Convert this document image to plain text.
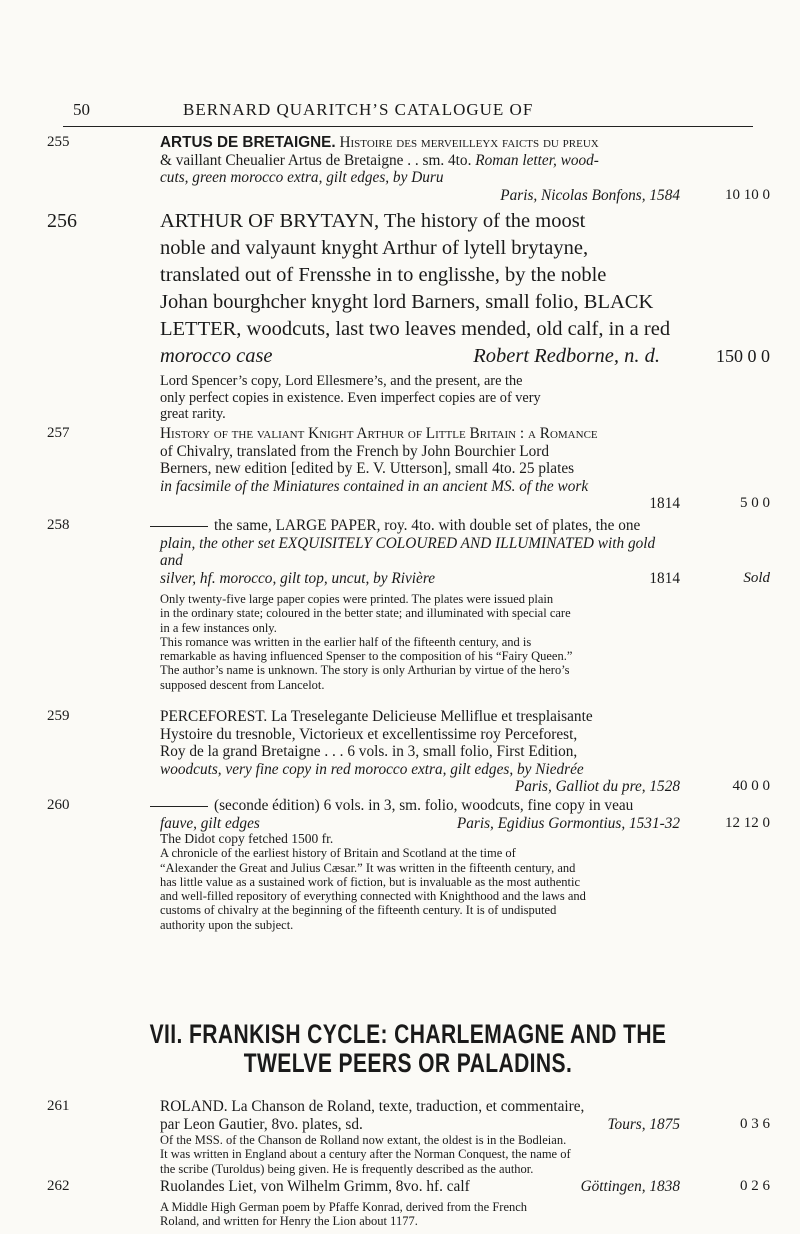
50	BERNARD QUARITCH’S CATALOGUE OF
255	ARTUS DE BRETAIGNE. Histoire des merveilleyx faicts du preux
& vaillant Cheualier Artus de Bretaigne . . sm. 4to. Roman letter, wood-
cuts, green morocco extra, gilt edges, by Duru
Paris, Nicolas Bonfons, 1584	10 10 0
256	ARTHUR OF BRYTAYN, The history of the moost
noble and valyaunt knyght Arthur of lytell brytayne,
translated out of Frensshe in to englisshe, by the noble
Johan bourghcher knyght lord Barners, small folio, BLACK
LETTER, woodcuts, last two leaves mended, old calf, in a red
morocco case	Robert Redborne, n. d.	150 0 0
Lord Spencer’s copy, Lord Ellesmere’s, and the present, are the
only perfect copies in existence. Even imperfect copies are of very
great rarity.
257	History of the valiant Knight Arthur of Little Britain : a Romance
of Chivalry, translated from the French by John Bourchier Lord
Berners, new edition [edited by E. V. Utterson], small 4to. 25 plates
in facsimile of the Miniatures contained in an ancient MS. of the work
1814	5 0 0
258	the same, LARGE PAPER, roy. 4to. with double set of plates, the one
plain, the other set EXQUISITELY COLOURED AND ILLUMINATED with gold and
silver, hf. morocco, gilt top, uncut, by Rivière	1814	Sold
Only twenty-five large paper copies were printed. The plates were issued plain
in the ordinary state; coloured in the better state; and illuminated with special care
in a few instances only.
This romance was written in the earlier half of the fifteenth century, and is
remarkable as having influenced Spenser to the composition of his “Fairy Queen.”
The author’s name is unknown. The story is only Arthurian by virtue of the hero’s
supposed descent from Lancelot.
259	PERCEFOREST. La Treselegante Delicieuse Melliflue et tresplaisante
Hystoire du tresnoble, Victorieux et excellentissime roy Perceforest,
Roy de la grand Bretaigne . . . 6 vols. in 3, small folio, First Edition,
woodcuts, very fine copy in red morocco extra, gilt edges, by Niedrée
Paris, Galliot du pre, 1528	40 0 0
260	(seconde édition) 6 vols. in 3, sm. folio, woodcuts, fine copy in veau
fauve, gilt edges	Paris, Egidius Gormontius, 1531-32	12 12 0
The Didot copy fetched 1500 fr.
A chronicle of the earliest history of Britain and Scotland at the time of
“Alexander the Great and Julius Cæsar.” It was written in the fifteenth century, and
has little value as a sustained work of fiction, but is invaluable as the most authentic
and well-filled repository of everything connected with Knighthood and the laws and
customs of chivalry at the beginning of the fifteenth century. It is of undisputed
authority upon the subject.
VII. FRANKISH CYCLE: CHARLEMAGNE AND THE
TWELVE PEERS OR PALADINS.
261	ROLAND. La Chanson de Roland, texte, traduction, et commentaire,
par Leon Gautier, 8vo. plates, sd.	Tours, 1875	0 3 6
Of the MSS. of the Chanson de Rolland now extant, the oldest is in the Bodleian.
It was written in England about a century after the Norman Conquest, the name of
the scribe (Turoldus) being given. He is frequently described as the author.
262	Ruolandes Liet, von Wilhelm Grimm, 8vo. hf. calf	Göttingen, 1838	0 2 6
A Middle High German poem by Pfaffe Konrad, derived from the French
Roland, and written for Henry the Lion about 1177.
